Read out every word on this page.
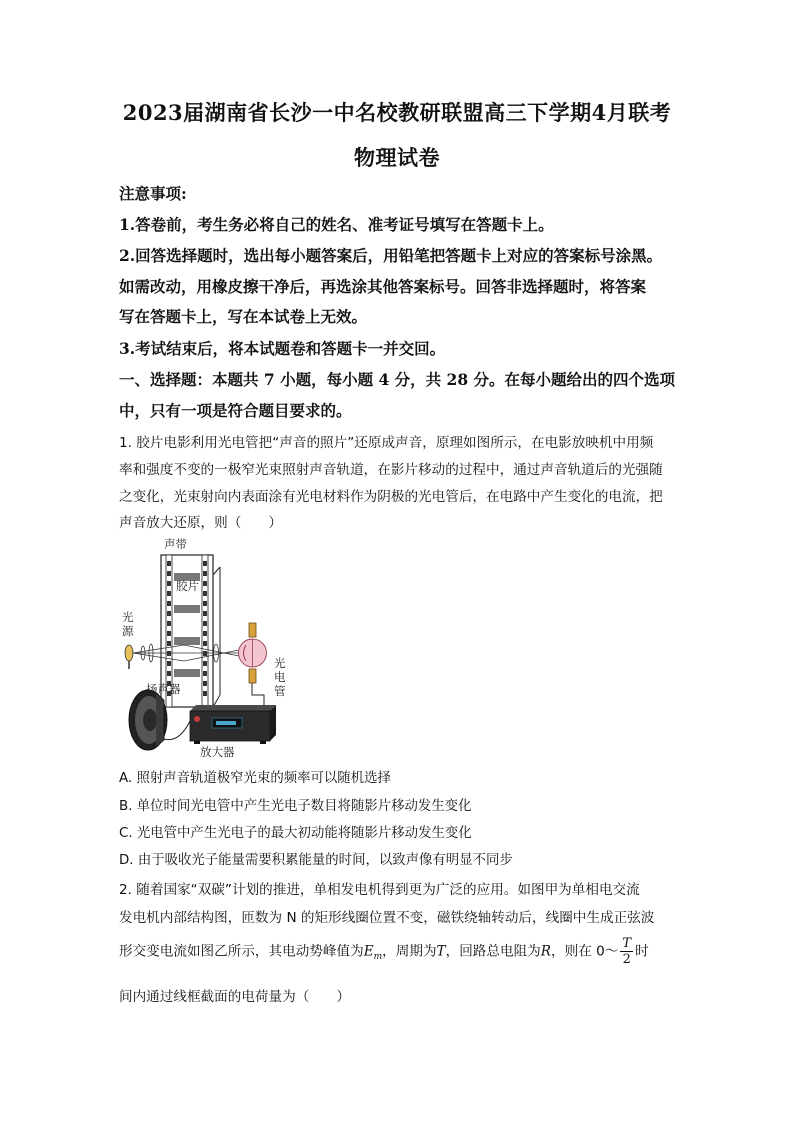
2023届湖南省长沙一中名校教研联盟高三下学期4月联考
物理试卷
注意事项:
1.答卷前，考生务必将自己的姓名、准考证号填写在答题卡上。
2.回答选择题时，选出每小题答案后，用铅笔把答题卡上对应的答案标号涂黑。
如需改动，用橡皮擦干净后，再选涂其他答案标号。回答非选择题时，将答案
写在答题卡上，写在本试卷上无效。
3.考试结束后，将本试题卷和答题卡一并交回。
一、选择题：本题共 7 小题，每小题 4 分，共 28 分。在每小题给出的四个选项
中，只有一项是符合题目要求的。
1. 胶片电影利用光电管把“声音的照片”还原成声音，原理如图所示，在电影放映机中用频
率和强度不变的一极窄光束照射声音轨道，在影片移动的过程中，通过声音轨道后的光强随
之变化，光束射向内表面涂有光电材料作为阴极的光电管后，在电路中产生变化的电流，把
声音放大还原，则（　　）
声带
胶片
光
源
光
电
管
扬声器
放大器
A. 照射声音轨道极窄光束的频率可以随机选择
B. 单位时间光电管中产生光电子数目将随影片移动发生变化
C. 光电管中产生光电子的最大初动能将随影片移动发生变化
D. 由于吸收光子能量需要积累能量的时间，以致声像有明显不同步
2. 随着国家“双碳”计划的推进，单相发电机得到更为广泛的应用。如图甲为单相电交流
发电机内部结构图，匝数为 N 的矩形线圈位置不变，磁铁绕轴转动后，线圈中生成正弦波
形交变电流如图乙所示，其电动势峰值为$E_m$，周期为T，回路总电阻为R，则在 0～ $\frac{T}{2}$ 时
间内通过线框截面的电荷量为（　　）
